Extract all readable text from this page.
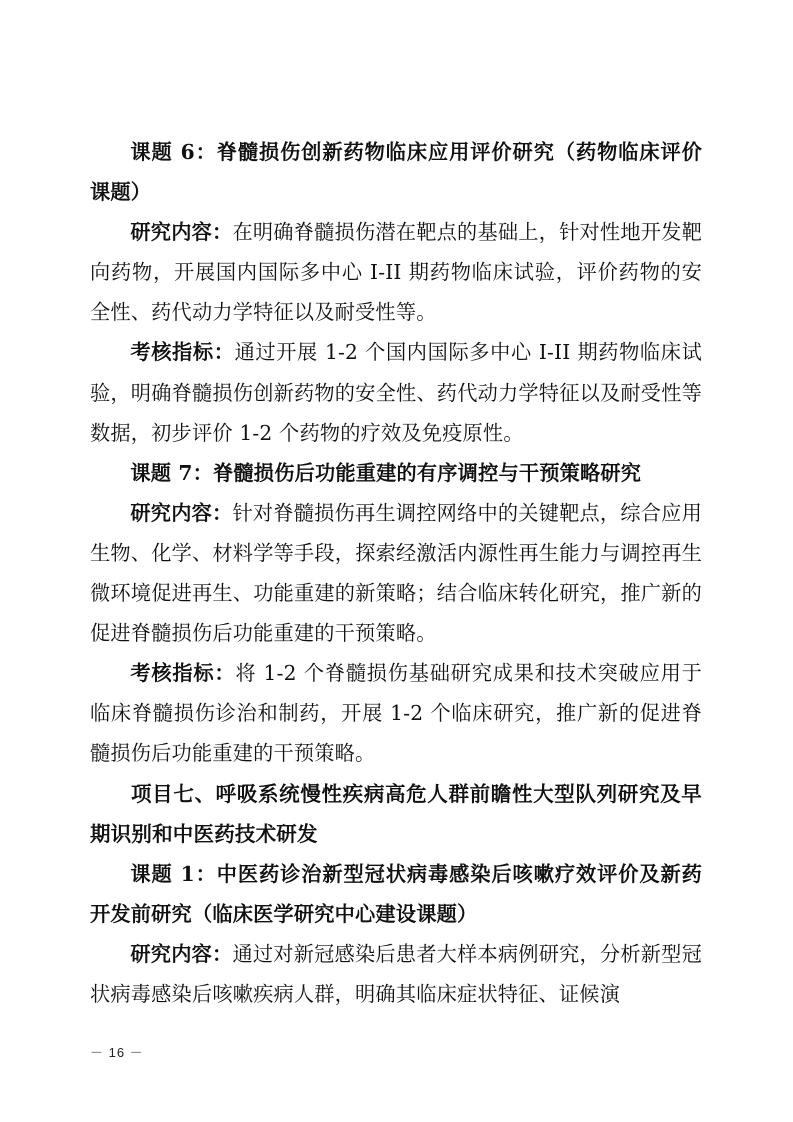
课题 6：脊髓损伤创新药物临床应用评价研究（药物临床评价课题）

研究内容：在明确脊髓损伤潜在靶点的基础上，针对性地开发靶向药物，开展国内国际多中心 I-II 期药物临床试验，评价药物的安全性、药代动力学特征以及耐受性等。

考核指标：通过开展 1-2 个国内国际多中心 I-II 期药物临床试验，明确脊髓损伤创新药物的安全性、药代动力学特征以及耐受性等数据，初步评价 1-2 个药物的疗效及免疫原性。

课题 7：脊髓损伤后功能重建的有序调控与干预策略研究

研究内容：针对脊髓损伤再生调控网络中的关键靶点，综合应用生物、化学、材料学等手段，探索经激活内源性再生能力与调控再生微环境促进再生、功能重建的新策略；结合临床转化研究，推广新的促进脊髓损伤后功能重建的干预策略。

考核指标：将 1-2 个脊髓损伤基础研究成果和技术突破应用于临床脊髓损伤诊治和制药，开展 1-2 个临床研究，推广新的促进脊髓损伤后功能重建的干预策略。

项目七、呼吸系统慢性疾病高危人群前瞻性大型队列研究及早期识别和中医药技术研发

课题 1：中医药诊治新型冠状病毒感染后咳嗽疗效评价及新药开发前研究（临床医学研究中心建设课题）

研究内容：通过对新冠感染后患者大样本病例研究，分析新型冠状病毒感染后咳嗽疾病人群，明确其临床症状特征、证候演

－ 16 －
